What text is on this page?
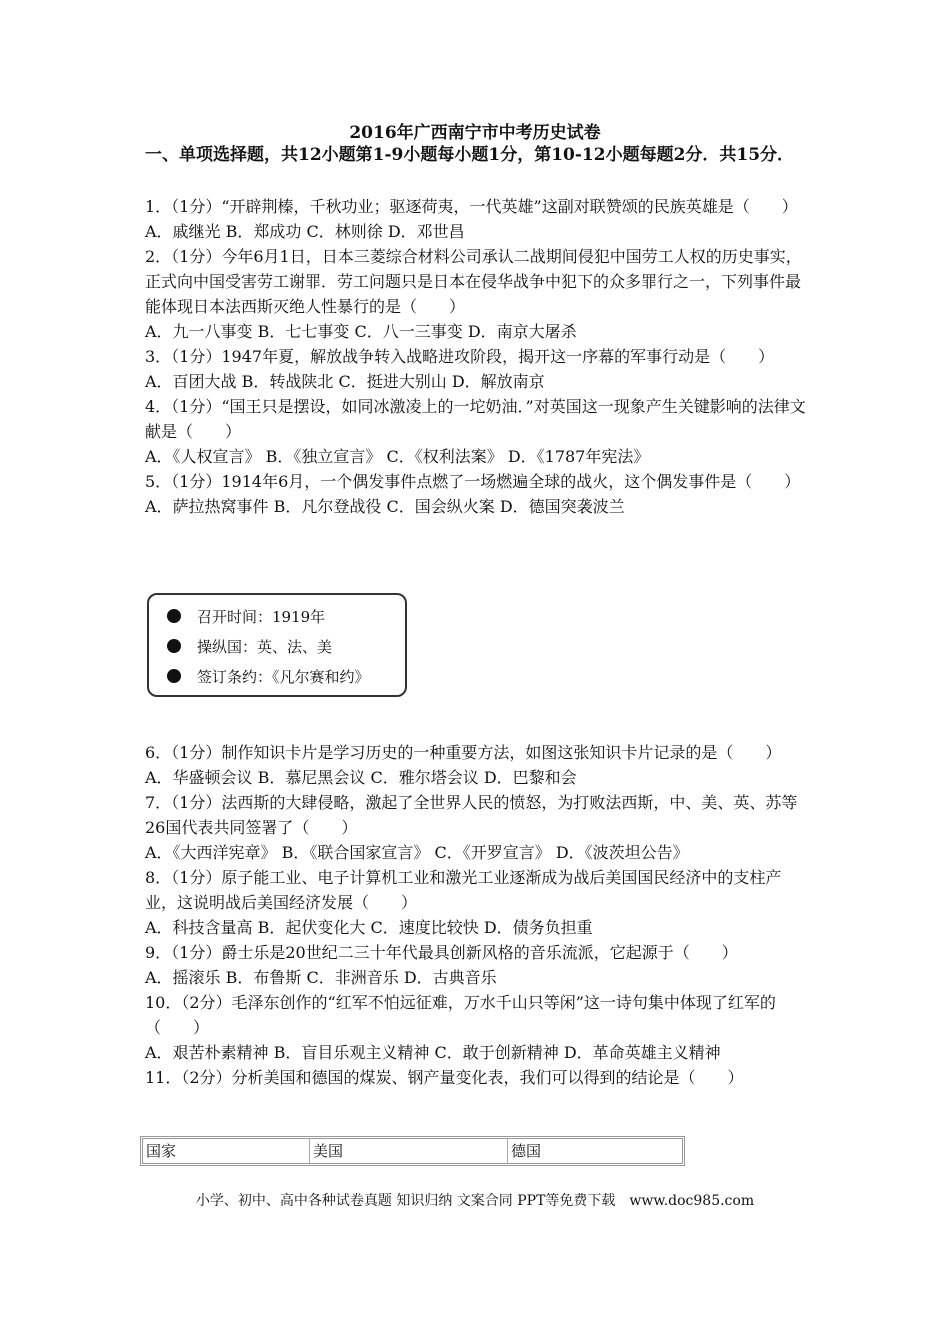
2016年广西南宁市中考历史试卷
一、单项选择题，共12小题第1-9小题每小题1分，第10-12小题每题2分．共15分．

1．（1分）“开辟荆榛，千秋功业；驱逐荷夷，一代英雄”这副对联赞颂的民族英雄是（　　）

A．戚继光 B．郑成功 C．林则徐 D．邓世昌

2．（1分）今年6月1日，日本三菱综合材料公司承认二战期间侵犯中国劳工人权的历史事实，正式向中国受害劳工谢罪．劳工问题只是日本在侵华战争中犯下的众多罪行之一，下列事件最能体现日本法西斯灭绝人性暴行的是（　　）

A．九一八事变 B．七七事变 C．八一三事变 D．南京大屠杀

3．（1分）1947年夏，解放战争转入战略进攻阶段，揭开这一序幕的军事行动是（　　）

A．百团大战 B．转战陕北 C．挺进大别山 D．解放南京

4．（1分）“国王只是摆设，如同冰激凌上的一坨奶油．”对英国这一现象产生关键影响的法律文献是（　　）

A．《人权宣言》 B．《独立宣言》 C．《权利法案》 D．《1787年宪法》

5．（1分）1914年6月，一个偶发事件点燃了一场燃遍全球的战火，这个偶发事件是（　　）

A．萨拉热窝事件 B．凡尔登战役 C．国会纵火案 D．德国突袭波兰

召开时间：1919年
操纵国：英、法、美
签订条约：《凡尔赛和约》

6．（1分）制作知识卡片是学习历史的一种重要方法，如图这张知识卡片记录的是（　　）

A．华盛顿会议 B．慕尼黑会议 C．雅尔塔会议 D．巴黎和会

7．（1分）法西斯的大肆侵略，激起了全世界人民的愤怒，为打败法西斯，中、美、英、苏等26国代表共同签署了（　　）

A．《大西洋宪章》 B．《联合国家宣言》 C．《开罗宣言》 D．《波茨坦公告》

8．（1分）原子能工业、电子计算机工业和激光工业逐渐成为战后美国国民经济中的支柱产业，这说明战后美国经济发展（　　）

A．科技含量高 B．起伏变化大 C．速度比较快 D．债务负担重

9．（1分）爵士乐是20世纪二三十年代最具创新风格的音乐流派，它起源于（　　）

A．摇滚乐 B．布鲁斯 C．非洲音乐 D．古典音乐

10．（2分）毛泽东创作的“红军不怕远征难，万水千山只等闲”这一诗句集中体现了红军的（　　）

A．艰苦朴素精神 B．盲目乐观主义精神 C．敢于创新精神 D．革命英雄主义精神

11．（2分）分析美国和德国的煤炭、钢产量变化表，我们可以得到的结论是（　　）

国家	美国	德国
小学、初中、高中各种试卷真题 知识归纳 文案合同 PPT等免费下载　www.doc985.com
